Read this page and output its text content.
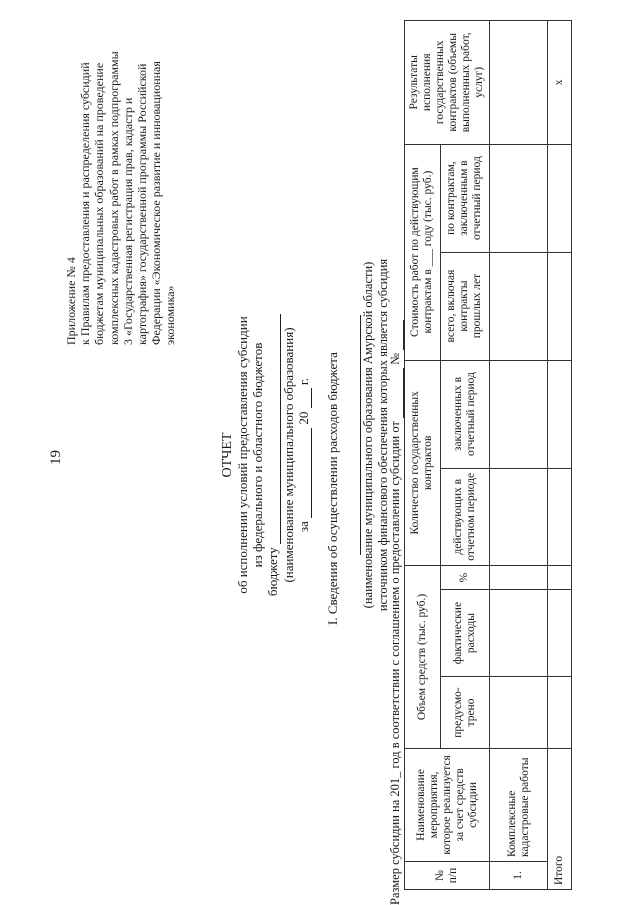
19
Приложение № 4 к Правилам предоставления и распределения субсидий бюджетам муниципальных образований на проведение комплексных кадастровых работ в рамках подпрограммы 3 «Государственная регистрация прав, кадастр и картография» государственной программы Российской Федерации «Экономическое развитие и инновационная экономика»
ОТЧЕТ об исполнении условий предоставления субсидии из федерального и областного бюджетов
бюджету (наименование муниципального образования) за   20   г. I. Сведения об осуществлении расходов бюджета
(наименование муниципального образования Амурской области) источником финансового обеспечения которых является субсидия
Размер субсидии на 201_ год в соответствии с соглашением о предоставлении субсидии от   №
№ п/п	Наименование мероприятия, которое реализуется за счет средств субсидии	Объем средств (тыс. руб.)			Количество государственных контрактов		Стоимость работ по действующим контрактам в ___ году (тыс. руб.)		Результаты исполнения государственных контрактов (объемы выполненных работ, услуг)
		предусмо-трено	фактические расходы	%	действующих в отчетном периоде	заключенных в отчетный период	всего, включая контракты прошлых лет	по контрактам, заключенным в отчетный период	
1.	Комплексные кадастровые работы								
Итого									x
